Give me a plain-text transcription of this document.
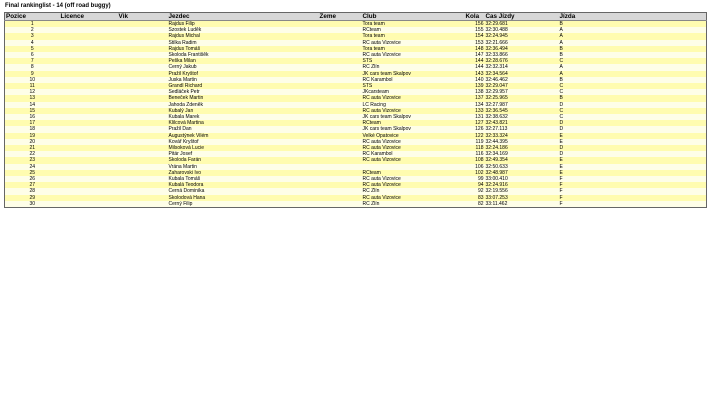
Final rankinglist - 14 (off road buggy)
Pozice	Licence	Vìk	Jezdec	Zeme	Club	Kola	Cas Jízdy	Jízda
1			Rajdus Filip		Tora team	156	32:29.681	B
2			Szostek Luděk		RCteam	155	32:30.488	A
3			Rajdus Michal		Tora team	154	32:24.945	A
4			Štilka Radim		RC auta Vizovice	153	32:21.666	A
5			Rajdus Tomáš		Tora team	148	32:36.494	B
6			Skoloda Františěk		RC auta Vizovice	147	32:33.866	B
7			Peška Milan		STS	144	32:28.676	C
8			Černý Jakub		RC Zlín	144	32:32.314	A
9			Pražil Kryštof		JK cars team Skalpov	143	32:34.564	A
10			Juska Martin		RC Karambol	140	32:46.462	B
11			Grandl Richard		STS	139	32:29.047	C
12			Sedláček Petr		JKcarsteam	138	32:29.957	C
13			Beneček Martin		RC auta Vizovice	137	32:25.965	B
14			Jahoda Zdeněk		LC Racing	134	32:27.987	D
15			Kubalý Jan		RC auta Vizovice	133	32:36.545	C
16			Kubala Marek		JK cars team Skalpov	131	32:38.632	C
17			Klilcová Martina		RCteam	127	32:43.821	D
18			Pražil Dan		JK cars team Skalpov	126	32:27.113	D
19			Augustýnek Vilém		Velké Opatovice	122	32:33.324	E
20			Kovář Kryštof		RC auta Vizovice	119	32:44.395	E
21			Milsoková Lucie		RC auta Vizovice	118	32:24.186	D
22			Pitár Josef		RC Karambol	116	32:34.169	D
23			Skoloda Farán		RC auta Vizovice	108	32:49.354	E
24			Vrána Martin			106	32:50.633	E
25			Zaharovski Ivo		RCteam	102	32:48.987	E
26			Kubala Tomáš		RC auta Vizovice	99	33:00.410	F
27			Kubalá Teodora		RC auta Vizovice	94	32:24.916	F
28			Černá Dominika		RC Zlín	92	32:19.556	F
29			Skolodová Hana		RC auta Vizovice	83	33:07.253	F
30			Černý Filip		RC Zlín	82	33:11.462	F
